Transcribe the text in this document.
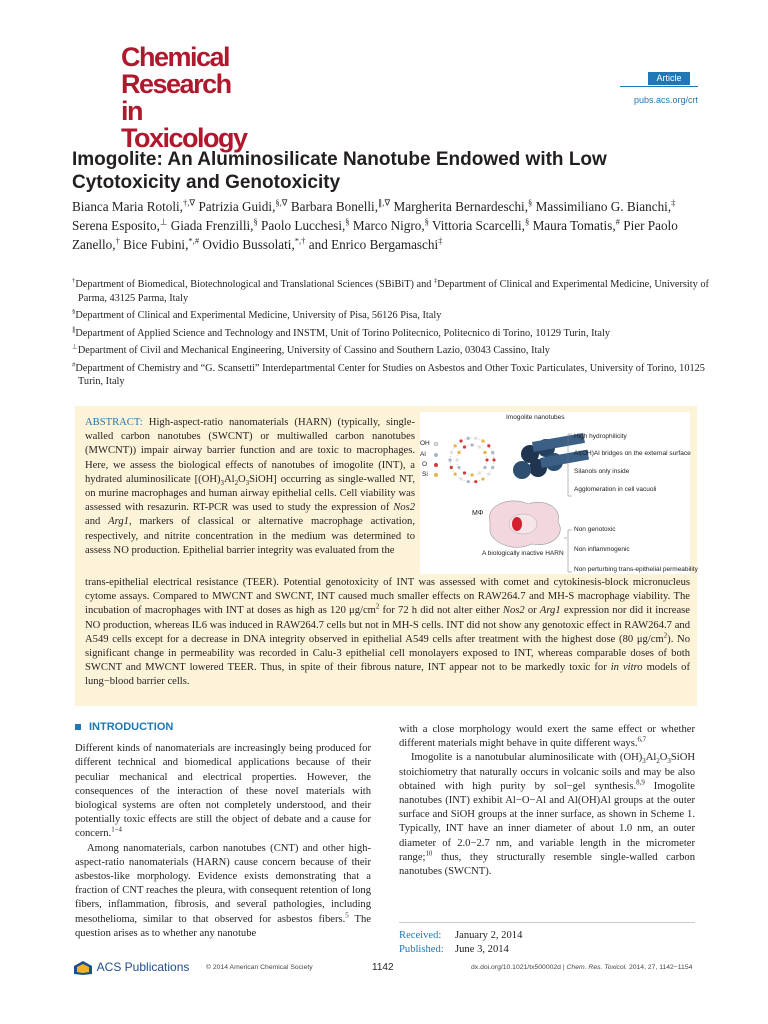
Chemical
Research in
Toxicology
Article
pubs.acs.org/crt
Imogolite: An Aluminosilicate Nanotube Endowed with Low Cytotoxicity and Genotoxicity
Bianca Maria Rotoli,†,∇ Patrizia Guidi,§,∇ Barbara Bonelli,∥,∇ Margherita Bernardeschi,§ Massimiliano G. Bianchi,‡ Serena Esposito,⊥ Giada Frenzilli,§ Paolo Lucchesi,§ Marco Nigro,§ Vittoria Scarcelli,§ Maura Tomatis,# Pier Paolo Zanello,† Bice Fubini,*,# Ovidio Bussolati,*,† and Enrico Bergamaschi‡

†Department of Biomedical, Biotechnological and Translational Sciences (SBiBiT) and ‡Department of Clinical and Experimental Medicine, University of Parma, 43125 Parma, Italy

§Department of Clinical and Experimental Medicine, University of Pisa, 56126 Pisa, Italy

∥Department of Applied Science and Technology and INSTM, Unit of Torino Politecnico, Politecnico di Torino, 10129 Turin, Italy

⊥Department of Civil and Mechanical Engineering, University of Cassino and Southern Lazio, 03043 Cassino, Italy

#Department of Chemistry and “G. Scansetti” Interdepartmental Center for Studies on Asbestos and Other Toxic Particulates, University of Torino, 10125 Turin, Italy

ABSTRACT: High-aspect-ratio nanomaterials (HARN) (typically, single-walled carbon nanotubes (SWCNT) or multiwalled carbon nanotubes (MWCNT)) impair airway barrier function and are toxic to macrophages. Here, we assess the biological effects of nanotubes of imogolite (INT), a hydrated aluminosilicate $[(OH)_3Al_2O_3SiOH]$ occurring as single-walled NT, on murine macrophages and human airway epithelial cells. Cell viability was assessed with resazurin. RT-PCR was used to study the expression of Nos2 and Arg1, markers of classical or alternative macrophage activation, respectively, and nitrite concentration in the medium was determined to assess NO production. Epithelial barrier integrity was evaluated from the
Imogolite nanotubes
OH
Al
O
Si
High hydrophilicity
Al(OH)Al bridges on the external surface
Silanols only inside
Agglomeration in cell vacuoli
MΦ
A biologically inactive HARN
Non genotoxic
Non inflammogenic
Non perturbing trans-epithelial permeability
trans-epithelial electrical resistance (TEER). Potential genotoxicity of INT was assessed with comet and cytokinesis-block micronucleus cytome assays. Compared to MWCNT and SWCNT, INT caused much smaller effects on RAW264.7 and MH-S macrophage viability. The incubation of macrophages with INT at doses as high as 120 $\mu g/cm^2$ for 72 h did not alter either Nos2 or Arg1 expression nor did it increase NO production, whereas IL6 was induced in RAW264.7 cells but not in MH-S cells. INT did not show any genotoxic effect in RAW264.7 and A549 cells except for a decrease in DNA integrity observed in epithelial A549 cells after treatment with the highest dose (80 $\mu g/cm^2$). No significant change in permeability was recorded in Calu-3 epithelial cell monolayers exposed to INT, whereas comparable doses of both SWCNT and MWCNT lowered TEER. Thus, in spite of their fibrous nature, INT appear not to be markedly toxic for in vitro models of lung−blood barrier cells.
INTRODUCTION

Different kinds of nanomaterials are increasingly being produced for different technical and biomedical applications because of their peculiar mechanical and electrical properties. However, the consequences of the interaction of these novel materials with biological systems are often not completely understood, and their potentially toxic effects are still the object of debate and a cause for concern.$^{1-4}$

Among nanomaterials, carbon nanotubes (CNT) and other high-aspect-ratio nanomaterials (HARN) cause concern because of their asbestos-like morphology. Evidence exists demonstrating that a fraction of CNT reaches the pleura, with consequent retention of long fibers, inflammation, fibrosis, and several pathologies, including mesothelioma, similar to that observed for asbestos fibers.$^5$ The question arises as to whether any nanotube

with a close morphology would exert the same effect or whether different materials might behave in quite different ways.$^{6,7}$

Imogolite is a nanotubular aluminosilicate with $(OH)_3Al_2O_3SiOH$ stoichiometry that naturally occurs in volcanic soils and may be also obtained with high purity by sol−gel synthesis.$^{8,9}$ Imogolite nanotubes (INT) exhibit Al−O−Al and Al(OH)Al groups at the outer surface and SiOH groups at the inner surface, as shown in Scheme 1. Typically, INT have an inner diameter of about 1.0 nm, an outer diameter of 2.0−2.7 nm, and variable length in the micrometer range;$^{10}$ thus, they structurally resemble single-walled carbon nanotubes (SWCNT).

Received: January 2, 2014
Published: June 3, 2014
ACS Publications © 2014 American Chemical Society	1142	dx.doi.org/10.1021/tx500002d | Chem. Res. Toxicol. 2014, 27, 1142−1154
